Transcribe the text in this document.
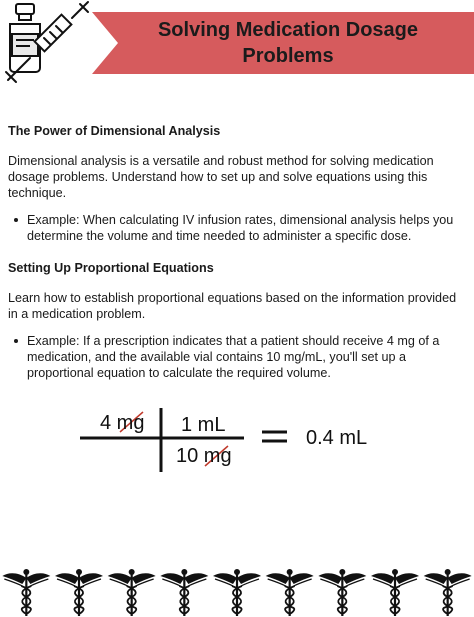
Solving Medication Dosage Problems
The Power of Dimensional Analysis
Dimensional analysis is a versatile and robust method for solving medication dosage problems. Understand how to set up and solve equations using this technique.
Example: When calculating IV infusion rates, dimensional analysis helps you determine the volume and time needed to administer a specific dose.
Setting Up Proportional Equations
Learn how to establish proportional equations based on the information provided in a medication problem.
Example: If a prescription indicates that a patient should receive 4 mg of a medication, and the available vial contains 10 mg/mL, you'll set up a proportional equation to calculate the required volume.
4 mg 1 mL
10 mg
0.4 mL
